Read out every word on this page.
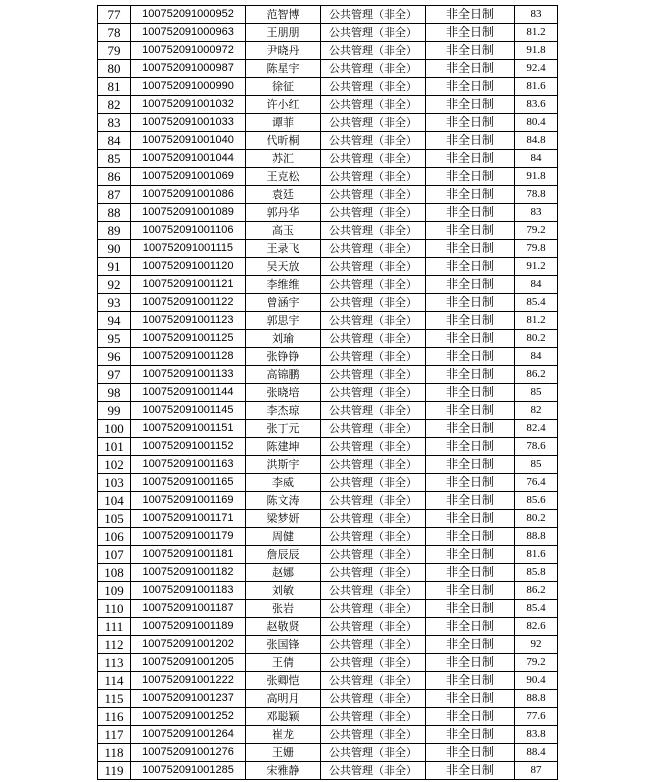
77	100752091000952	范智博	公共管理（非全）	非全日制	83
78	100752091000963	王朋朋	公共管理（非全）	非全日制	81.2
79	100752091000972	尹晓丹	公共管理（非全）	非全日制	91.8
80	100752091000987	陈星宇	公共管理（非全）	非全日制	92.4
81	100752091000990	徐征	公共管理（非全）	非全日制	81.6
82	100752091001032	许小红	公共管理（非全）	非全日制	83.6
83	100752091001033	谭菲	公共管理（非全）	非全日制	80.4
84	100752091001040	代昕桐	公共管理（非全）	非全日制	84.8
85	100752091001044	苏汇	公共管理（非全）	非全日制	84
86	100752091001069	王克松	公共管理（非全）	非全日制	91.8
87	100752091001086	袁廷	公共管理（非全）	非全日制	78.8
88	100752091001089	郭丹华	公共管理（非全）	非全日制	83
89	100752091001106	高玉	公共管理（非全）	非全日制	79.2
90	100752091001115	王录飞	公共管理（非全）	非全日制	79.8
91	100752091001120	吴天放	公共管理（非全）	非全日制	91.2
92	100752091001121	李维维	公共管理（非全）	非全日制	84
93	100752091001122	曾涵宇	公共管理（非全）	非全日制	85.4
94	100752091001123	郭思宇	公共管理（非全）	非全日制	81.2
95	100752091001125	刘瑜	公共管理（非全）	非全日制	80.2
96	100752091001128	张铮铮	公共管理（非全）	非全日制	84
97	100752091001133	高锦鹏	公共管理（非全）	非全日制	86.2
98	100752091001144	张晓培	公共管理（非全）	非全日制	85
99	100752091001145	李杰琼	公共管理（非全）	非全日制	82
100	100752091001151	张丁元	公共管理（非全）	非全日制	82.4
101	100752091001152	陈建坤	公共管理（非全）	非全日制	78.6
102	100752091001163	洪斯宇	公共管理（非全）	非全日制	85
103	100752091001165	李威	公共管理（非全）	非全日制	76.4
104	100752091001169	陈文涛	公共管理（非全）	非全日制	85.6
105	100752091001171	梁梦妍	公共管理（非全）	非全日制	80.2
106	100752091001179	周健	公共管理（非全）	非全日制	88.8
107	100752091001181	詹辰辰	公共管理（非全）	非全日制	81.6
108	100752091001182	赵娜	公共管理（非全）	非全日制	85.8
109	100752091001183	刘敏	公共管理（非全）	非全日制	86.2
110	100752091001187	张岩	公共管理（非全）	非全日制	85.4
111	100752091001189	赵敬贤	公共管理（非全）	非全日制	82.6
112	100752091001202	张国锋	公共管理（非全）	非全日制	92
113	100752091001205	王倩	公共管理（非全）	非全日制	79.2
114	100752091001222	张卿恺	公共管理（非全）	非全日制	90.4
115	100752091001237	高明月	公共管理（非全）	非全日制	88.8
116	100752091001252	邓聪颖	公共管理（非全）	非全日制	77.6
117	100752091001264	崔龙	公共管理（非全）	非全日制	83.8
118	100752091001276	王姗	公共管理（非全）	非全日制	88.4
119	100752091001285	宋雅静	公共管理（非全）	非全日制	87
